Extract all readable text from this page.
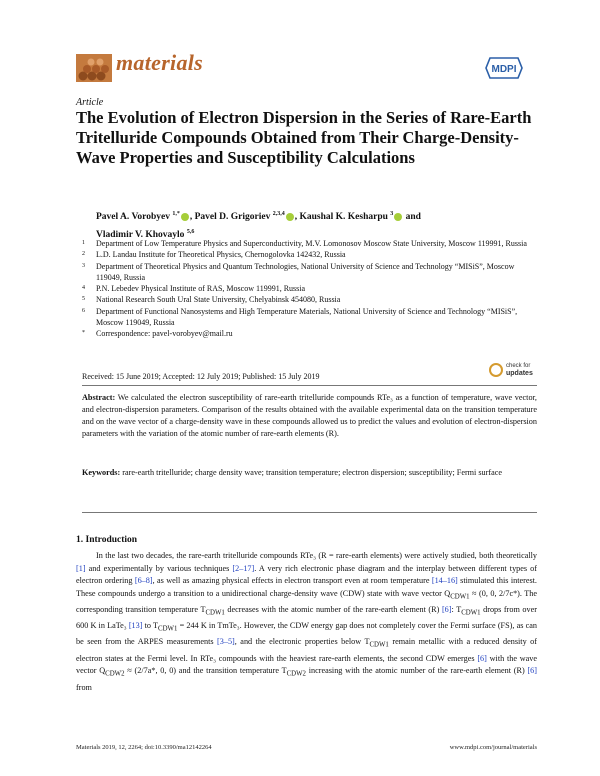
materials	MDPI
Article
The Evolution of Electron Dispersion in the Series of Rare-Earth Tritelluride Compounds Obtained from Their Charge-Density-Wave Properties and Susceptibility Calculations
Pavel A. Vorobyev $^{1,*}$ , Pavel D. Grigoriev $^{2,3,4}$ , Kaushal K. Kesharpu $^3$ and
Vladimir V. Khovaylo $^{5,6}$
1	Department of Low Temperature Physics and Superconductivity, M.V. Lomonosov Moscow State University, Moscow 119991, Russia
2	L.D. Landau Institute for Theoretical Physics, Chernogolovka 142432, Russia
3	Department of Theoretical Physics and Quantum Technologies, National University of Science and Technology “MISiS”, Moscow 119049, Russia
4	P.N. Lebedev Physical Institute of RAS, Moscow 119991, Russia
5	National Research South Ural State University, Chelyabinsk 454080, Russia
6	Department of Functional Nanosystems and High Temperature Materials, National University of Science and Technology “MISiS”, Moscow 119049, Russia
*	Correspondence: pavel-vorobyev@mail.ru
check for
updates
Received: 15 June 2019; Accepted: 12 July 2019; Published: 15 July 2019
Abstract: We calculated the electron susceptibility of rare-earth tritelluride compounds RTe₃ as a function of temperature, wave vector, and electron-dispersion parameters. Comparison of the results obtained with the available experimental data on the transition temperature and on the wave vector of a charge-density wave in these compounds allowed us to predict the values and evolution of electron-dispersion parameters with the variation of the atomic number of rare-earth elements (R).
Keywords: rare-earth tritelluride; charge density wave; transition temperature; electron dispersion; susceptibility; Fermi surface
1. Introduction

In the last two decades, the rare-earth tritelluride compounds RTe₃ (R = rare-earth elements) were actively studied, both theoretically [1] and experimentally by various techniques [2–17]. A very rich electronic phase diagram and the interplay between different types of electron ordering [6–8], as well as amazing physical effects in electron transport even at room temperature [14–16] stimulated this interest. These compounds undergo a transition to a unidirectional charge-density wave (CDW) state with wave vector $Q_{CDW1} \approx (0$, 0, 2/7c*). The corresponding transition temperature $T_{CDW1}$ decreases with the atomic number of the rare-earth element (R) [6]: $T_{CDW1}$ drops from over 600 K in LaTe₃ [13] to $T_{CDW1} = 244$ K in TmTe₃. However, the CDW energy gap does not completely cover the Fermi surface (FS), as can be seen from the ARPES measurements [3–5], and the electronic properties below $T_{CDW1}$ remain metallic with a reduced density of electron states at the Fermi level. In RTe₃ compounds with the heaviest rare-earth elements, the second CDW emerges [6] with the wave vector $Q_{CDW2} \approx (2/7a*$, 0, 0) and the transition temperature $T_{CDW2}$ increasing with the atomic number of the rare-earth element (R) [6] from

Materials 2019, 12, 2264; doi:10.3390/ma12142264	www.mdpi.com/journal/materials
